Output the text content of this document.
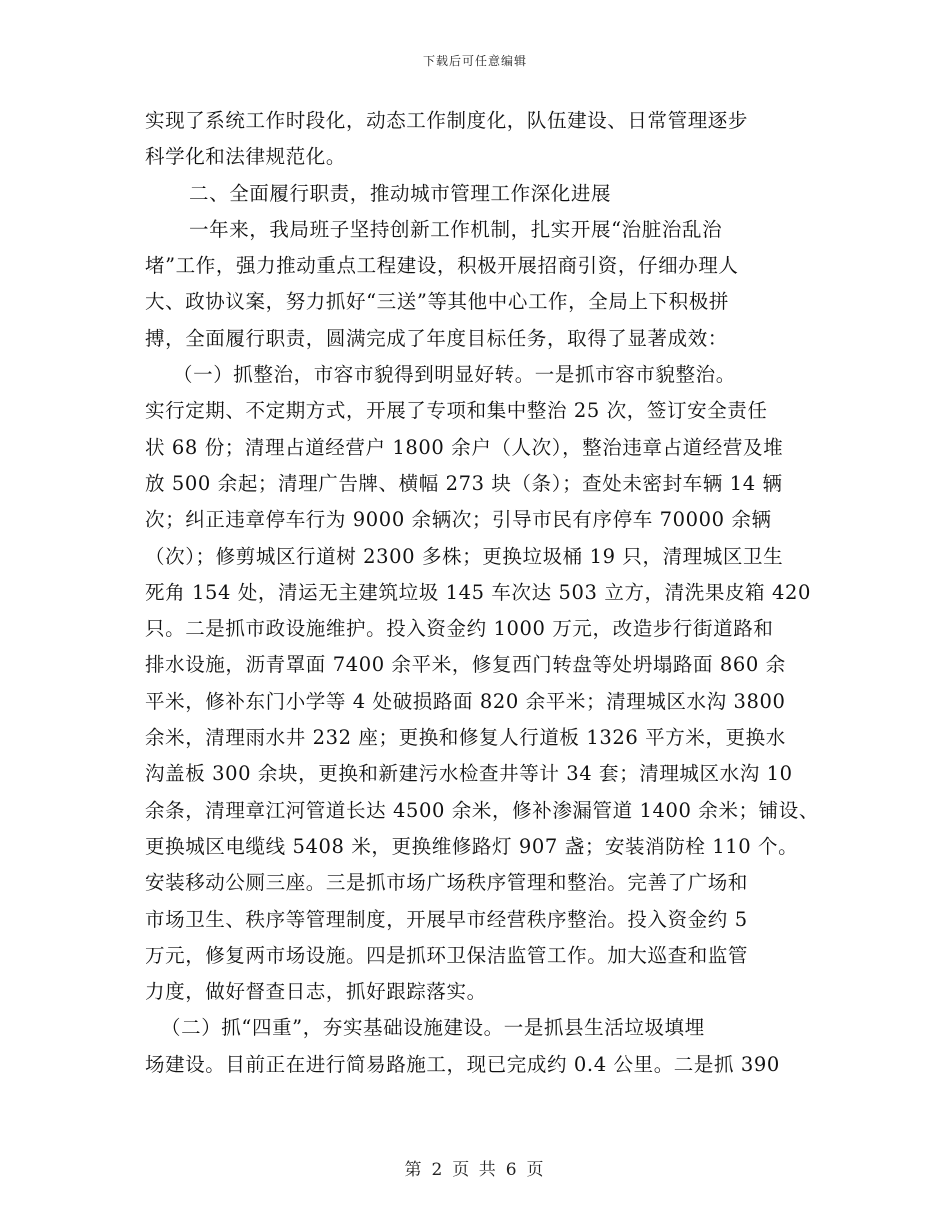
下载后可任意编辑
实现了系统工作时段化，动态工作制度化，队伍建设、日常管理逐步
科学化和法律规范化。
二、全面履行职责，推动城市管理工作深化进展
一年来，我局班子坚持创新工作机制，扎实开展“治脏治乱治
堵”工作，强力推动重点工程建设，积极开展招商引资，仔细办理人
大、政协议案，努力抓好“三送”等其他中心工作，全局上下积极拼
搏，全面履行职责，圆满完成了年度目标任务，取得了显著成效：
（一）抓整治，市容市貌得到明显好转。一是抓市容市貌整治。
实行定期、不定期方式，开展了专项和集中整治 25 次，签订安全责任
状 68 份；清理占道经营户 1800 余户（人次），整治违章占道经营及堆
放 500 余起；清理广告牌、横幅 273 块（条）；查处未密封车辆 14 辆
次；纠正违章停车行为 9000 余辆次；引导市民有序停车 70000 余辆
（次）；修剪城区行道树 2300 多株；更换垃圾桶 19 只，清理城区卫生
死角 154 处，清运无主建筑垃圾 145 车次达 503 立方，清洗果皮箱 420
只。二是抓市政设施维护。投入资金约 1000 万元，改造步行街道路和
排水设施，沥青罩面 7400 余平米，修复西门转盘等处坍塌路面 860 余
平米，修补东门小学等 4 处破损路面 820 余平米；清理城区水沟 3800
余米，清理雨水井 232 座；更换和修复人行道板 1326 平方米，更换水
沟盖板 300 余块，更换和新建污水检查井等计 34 套；清理城区水沟 10
余条，清理章江河管道长达 4500 余米，修补渗漏管道 1400 余米；铺设、
更换城区电缆线 5408 米，更换维修路灯 907 盏；安装消防栓 110 个。
安装移动公厕三座。三是抓市场广场秩序管理和整治。完善了广场和
市场卫生、秩序等管理制度，开展早市经营秩序整治。投入资金约 5
万元，修复两市场设施。四是抓环卫保洁监管工作。加大巡查和监管
力度，做好督查日志，抓好跟踪落实。
（二）抓“四重”，夯实基础设施建设。一是抓县生活垃圾填埋
场建设。目前正在进行简易路施工，现已完成约 0.4 公里。二是抓 390
第 2 页 共 6 页
